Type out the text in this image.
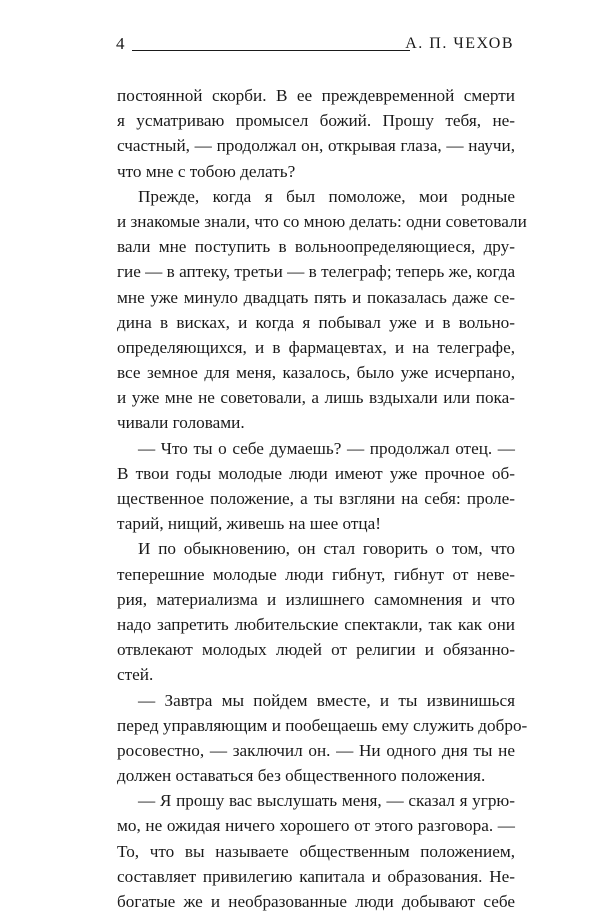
4	А. П. ЧЕХОВ
постоянной скорби. В ее преждевременной смерти
я усматриваю промысел божий. Прошу тебя, не-
счастный, — продолжал он, открывая глаза, — научи,
что мне с тобою делать?
Прежде, когда я был помоложе, мои родные
и знакомые знали, что со мною делать: одни советовали
вали мне поступить в вольноопределяющиеся, дру-
гие — в аптеку, третьи — в телеграф; теперь же, когда
мне уже минуло двадцать пять и показалась даже се-
дина в висках, и когда я побывал уже и в вольно-
определяющихся, и в фармацевтах, и на телеграфе,
все земное для меня, казалось, было уже исчерпано,
и уже мне не советовали, а лишь вздыхали или пока-
чивали головами.
— Что ты о себе думаешь? — продолжал отец. —
В твои годы молодые люди имеют уже прочное об-
щественное положение, а ты взгляни на себя: проле-
тарий, нищий, живешь на шее отца!
И по обыкновению, он стал говорить о том, что
теперешние молодые люди гибнут, гибнут от неве-
рия, материализма и излишнего самомнения и что
надо запретить любительские спектакли, так как они
отвлекают молодых людей от религии и обязанно-
стей.
— Завтра мы пойдем вместе, и ты извинишься
перед управляющим и пообещаешь ему служить добро-
росовестно, — заключил он. — Ни одного дня ты не
должен оставаться без общественного положения.
— Я прошу вас выслушать меня, — сказал я угрю-
мо, не ожидая ничего хорошего от этого разговора. —
То, что вы называете общественным положением,
составляет привилегию капитала и образования. Не-
богатые же и необразованные люди добывают себе
